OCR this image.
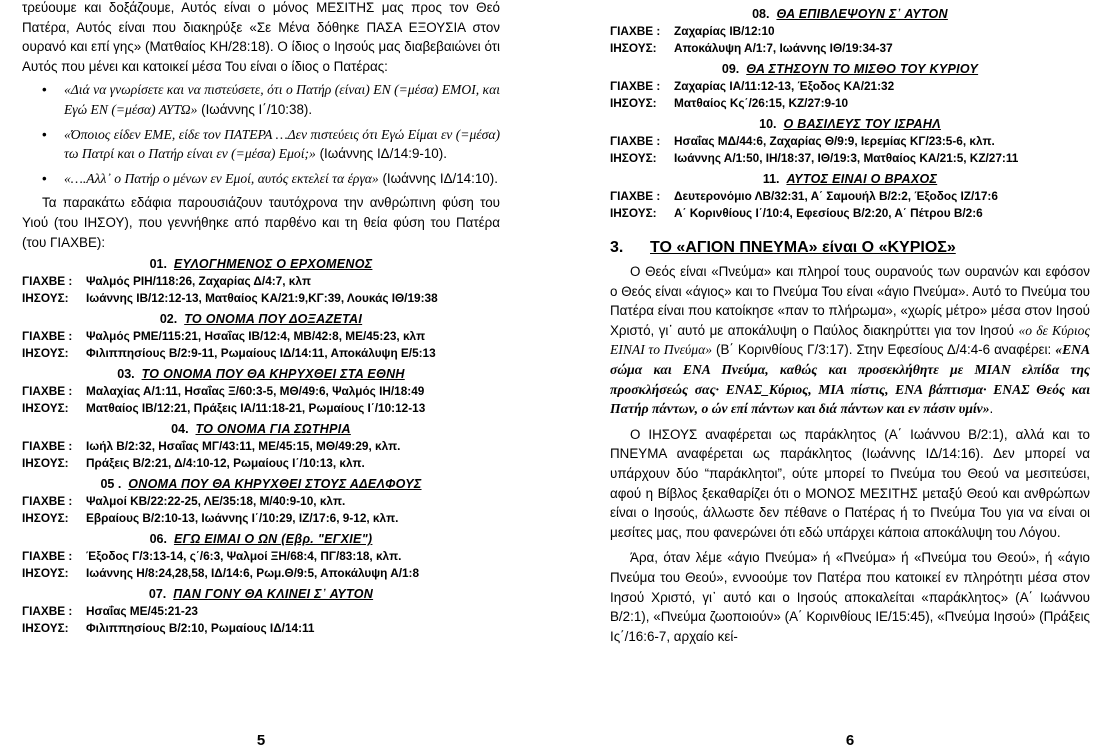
τρεύουμε και δοξάζουμε, Αυτός είναι ο μόνος ΜΕΣΙΤΗΣ μας προς τον Θεό Πατέρα, Αυτός είναι που διακηρύξε «Σε Μένα δόθηκε ΠΑΣΑ ΕΞΟΥΣΙΑ στον ουρανό και επί γης» (Ματθαίος ΚΗ/28:18). Ο ίδιος ο Ιησούς μας διαβεβαιώνει ότι Αυτός που μένει και κατοικεί μέσα Του είναι ο ίδιος ο Πατέρας:

• «Διά να γνωρίσετε και να πιστεύσετε, ότι ο Πατήρ (είναι) ΕΝ (=μέσα) ΕΜΟΙ, και Εγώ ΕΝ (=μέσα) ΑΥΤΩ» (Ιωάννης Ι΄/10:38).
• «Όποιος είδεν ΕΜΕ, είδε τον ΠΑΤΕΡΑ …Δεν πιστεύεις ότι Εγώ Είμαι εν (=μέσα) τω Πατρί και ο Πατήρ είναι εν (=μέσα) Εμοί;» (Ιωάννης ΙΔ/14:9-10).
• «….Αλλ᾽ ο Πατήρ ο μένων εν Εμοί, αυτός εκτελεί τα έργα» (Ιωάννης ΙΔ/14:10).

Τα παρακάτω εδάφια παρουσιάζουν ταυτόχρονα την ανθρώπινη φύση του Υιού (του ΙΗΣΟΥ), που γεννήθηκε από παρθένο και τη θεία φύση του Πατέρα (του ΓΙΑΧΒΕ):

01. ΕΥΛΟΓΗΜΕΝΟΣ Ο ΕΡΧΟΜΕΝΟΣ
ΓΙΑΧΒΕ :	Ψαλμός ΡΙΗ/118:26, Ζαχαρίας Δ/4:7, κλπ
ΙΗΣΟΥΣ:	Ιωάννης ΙΒ/12:12-13, Ματθαίος ΚΑ/21:9,ΚΓ:39, Λουκάς ΙΘ/19:38
02. ΤΟ ΟΝΟΜΑ ΠΟΥ ΔΟΞΑΖΕΤΑΙ
ΓΙΑΧΒΕ :	Ψαλμός ΡΜΕ/115:21, Ησαΐας ΙΒ/12:4, ΜΒ/42:8, ΜΕ/45:23, κλπ
ΙΗΣΟΥΣ:	Φιλιππησίους Β/2:9-11, Ρωμαίους ΙΔ/14:11, Αποκάλυψη Ε/5:13
03. ΤΟ ΟΝΟΜΑ ΠΟΥ ΘΑ ΚΗΡΥΧΘΕΙ ΣΤΑ ΕΘΝΗ
ΓΙΑΧΒΕ :	Μαλαχίας Α/1:11, Ησαΐας Ξ/60:3-5, ΜΘ/49:6, Ψαλμός ΙΗ/18:49
ΙΗΣΟΥΣ:	Ματθαίος ΙΒ/12:21, Πράξεις ΙΑ/11:18-21, Ρωμαίους Ι΄/10:12-13
04. ΤΟ ΟΝΟΜΑ ΓΙΑ ΣΩΤΗΡΙΑ
ΓΙΑΧΒΕ :	Ιωήλ Β/2:32, Ησαΐας ΜΓ/43:11, ΜΕ/45:15, ΜΘ/49:29, κλπ.
ΙΗΣΟΥΣ:	Πράξεις Β/2:21, Δ/4:10-12, Ρωμαίους Ι΄/10:13, κλπ.
05 . ΟΝΟΜΑ ΠΟΥ ΘΑ ΚΗΡΥΧΘΕΙ ΣΤΟΥΣ ΑΔΕΛΦΟΥΣ
ΓΙΑΧΒΕ :	Ψαλμοί ΚΒ/22:22-25, ΛΕ/35:18, Μ/40:9-10, κλπ.
ΙΗΣΟΥΣ:	Εβραίους Β/2:10-13, Ιωάννης Ι΄/10:29, ΙΖ/17:6, 9-12, κλπ.
06. ΕΓΩ ΕΙΜΑΙ Ο ΩΝ (Εβρ. "ΕΓΧΙΕ")
ΓΙΑΧΒΕ :	Έξοδος Γ/3:13-14, ς΄/6:3, Ψαλμοί ΞΗ/68:4, ΠΓ/83:18, κλπ.
ΙΗΣΟΥΣ:	Ιωάννης Η/8:24,28,58, ΙΔ/14:6, Ρωμ.Θ/9:5, Αποκάλυψη Α/1:8
07. ΠΑΝ ΓΟΝΥ ΘΑ ΚΛΙΝΕΙ Σ᾽ ΑΥΤΟΝ
ΓΙΑΧΒΕ :	Ησαΐας ΜΕ/45:21-23
ΙΗΣΟΥΣ:	Φιλιππησίους Β/2:10, Ρωμαίους ΙΔ/14:11
5
08. ΘΑ ΕΠΙΒΛΕΨΟΥΝ Σ᾽ ΑΥΤΟΝ
ΓΙΑΧΒΕ :	Ζαχαρίας ΙΒ/12:10
ΙΗΣΟΥΣ:	Αποκάλυψη Α/1:7, Ιωάννης ΙΘ/19:34-37
09. ΘΑ ΣΤΗΣΟΥΝ ΤΟ ΜΙΣΘΟ ΤΟΥ ΚΥΡΙΟΥ
ΓΙΑΧΒΕ :	Ζαχαρίας ΙΑ/11:12-13, Έξοδος ΚΑ/21:32
ΙΗΣΟΥΣ:	Ματθαίος Κς΄/26:15, ΚΖ/27:9-10
10. Ο ΒΑΣΙΛΕΥΣ ΤΟΥ ΙΣΡΑΗΛ
ΓΙΑΧΒΕ :	Ησαΐας ΜΔ/44:6, Ζαχαρίας Θ/9:9, Ιερεμίας ΚΓ/23:5-6, κλπ.
ΙΗΣΟΥΣ:	Ιωάννης Α/1:50, ΙΗ/18:37, ΙΘ/19:3, Ματθαίος ΚΑ/21:5, ΚΖ/27:11
11. ΑΥΤΟΣ ΕΙΝΑΙ Ο ΒΡΑΧΟΣ
ΓΙΑΧΒΕ :	Δευτερονόμιο ΛΒ/32:31, Α΄ Σαμουήλ Β/2:2, Έξοδος ΙΖ/17:6
ΙΗΣΟΥΣ:	Α΄ Κορινθίους Ι΄/10:4, Εφεσίους Β/2:20, Α΄ Πέτρου Β/2:6
3.	ΤΟ «ΑΓΙΟΝ ΠΝΕΥΜΑ» είναι Ο «ΚΥΡΙΟΣ»

Ο Θεός είναι «Πνεύμα» και πληροί τους ουρανούς των ουρανών και εφόσον ο Θεός είναι «άγιος» και το Πνεύμα Του είναι «άγιο Πνεύμα». Αυτό το Πνεύμα του Πατέρα είναι που κατοίκησε «παν το πλήρωμα», «χωρίς μέτρο» μέσα στον Ιησού Χριστό, γι᾽ αυτό με αποκάλυψη ο Παύλος διακηρύττει για τον Ιησού «ο δε Κύριος ΕΙΝΑΙ το Πνεύμα» (Β΄ Κορινθίους Γ/3:17). Στην Εφεσίους Δ/4:4-6 αναφέρει: «ΕΝΑ σώμα και ΕΝΑ Πνεύμα, καθώς και προσεκλήθητε με ΜΙΑΝ ελπίδα της προσκλήσεώς σας· ΕΝΑΣ_Κύριος, ΜΙΑ πίστις, ΕΝΑ βάπτισμα· ΕΝΑΣ Θεός και Πατήρ πάντων, ο ών επί πάντων και διά πάντων και εν πάσιν υμίν».

Ο ΙΗΣΟΥΣ αναφέρεται ως παράκλητος (Α΄ Ιωάννου Β/2:1), αλλά και το ΠΝΕΥΜΑ αναφέρεται ως παράκλητος (Ιωάννης ΙΔ/14:16). Δεν μπορεί να υπάρχουν δύο “παράκλητοι”, ούτε μπορεί το Πνεύμα του Θεού να μεσιτεύσει, αφού η Βίβλος ξεκαθαρίζει ότι ο ΜΟΝΟΣ ΜΕΣΙΤΗΣ μεταξύ Θεού και ανθρώπων είναι ο Ιησούς, άλλωστε δεν πέθανε ο Πατέρας ή το Πνεύμα Του για να είναι οι μεσίτες μας, που φανερώνει ότι εδώ υπάρχει κάποια αποκάλυψη του Λόγου.

Άρα, όταν λέμε «άγιο Πνεύμα» ή «Πνεύμα» ή «Πνεύμα του Θεού», ή «άγιο Πνεύμα του Θεού», εννοούμε τον Πατέρα που κατοικεί εν πληρότητι μέσα στον Ιησού Χριστό, γι᾽ αυτό και ο Ιησούς αποκαλείται «παράκλητος» (Α΄ Ιωάννου Β/2:1), «Πνεύμα ζωοποιούν» (Α΄ Κορινθίους ΙΕ/15:45), «Πνεύμα Ιησού» (Πράξεις Ις΄/16:6-7, αρχαίο κεί-

6
